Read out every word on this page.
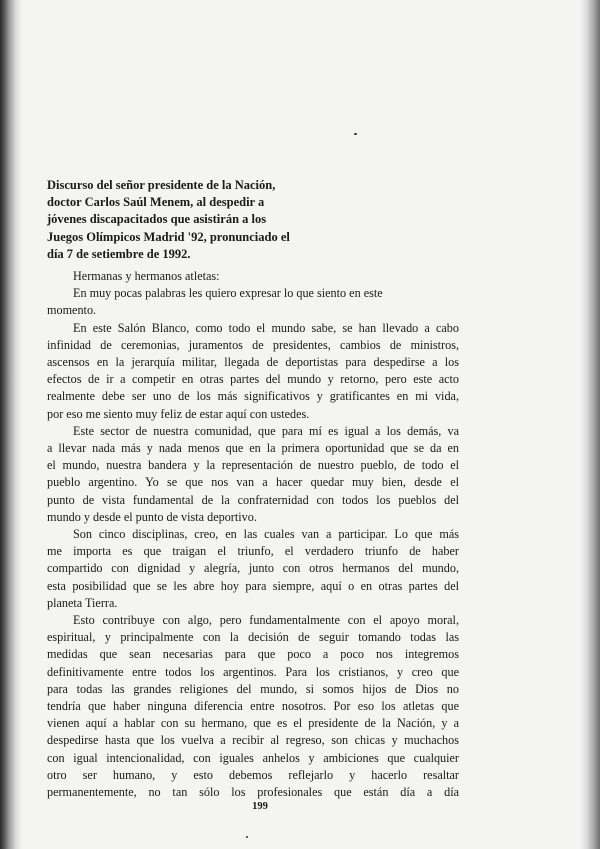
Discurso del señor presidente de la Nación,
doctor Carlos Saúl Menem, al despedir a
jóvenes discapacitados que asistirán a los
Juegos Olímpicos Madrid '92, pronunciado el
día 7 de setiembre de 1992.
Hermanas y hermanos atletas:
En muy pocas palabras les quiero expresar lo que siento en este
momento.
En este Salón Blanco, como todo el mundo sabe, se han llevado a cabo
infinidad de ceremonias, juramentos de presidentes, cambios de ministros,
ascensos en la jerarquía militar, llegada de deportistas para despedirse a los
efectos de ir a competir en otras partes del mundo y retorno, pero este acto
realmente debe ser uno de los más significativos y gratificantes en mi vida,
por eso me siento muy feliz de estar aquí con ustedes.
Este sector de nuestra comunidad, que para mí es igual a los demás, va
a llevar nada más y nada menos que en la primera oportunidad que se da en
el mundo, nuestra bandera y la representación de nuestro pueblo, de todo el
pueblo argentino. Yo se que nos van a hacer quedar muy bien, desde el
punto de vista fundamental de la confraternidad con todos los pueblos del
mundo y desde el punto de vista deportivo.
Son cinco disciplinas, creo, en las cuales van a participar. Lo que más
me importa es que traigan el triunfo, el verdadero triunfo de haber
compartido con dignidad y alegría, junto con otros hermanos del mundo,
esta posibilidad que se les abre hoy para siempre, aquí o en otras partes del
planeta Tierra.
Esto contribuye con algo, pero fundamentalmente con el apoyo moral,
espiritual, y principalmente con la decisión de seguir tomando todas las
medidas que sean necesarias para que poco a poco nos integremos
definitivamente entre todos los argentinos. Para los cristianos, y creo que
para todas las grandes religiones del mundo, si somos hijos de Dios no
tendría que haber ninguna diferencia entre nosotros. Por eso los atletas que
vienen aquí a hablar con su hermano, que es el presidente de la Nación, y a
despedirse hasta que los vuelva a recibir al regreso, son chicas y muchachos
con igual intencionalidad, con iguales anhelos y ambiciones que cualquier
otro ser humano, y esto debemos reflejarlo y hacerlo resaltar
permanentemente, no tan sólo los profesionales que están día a día
199
